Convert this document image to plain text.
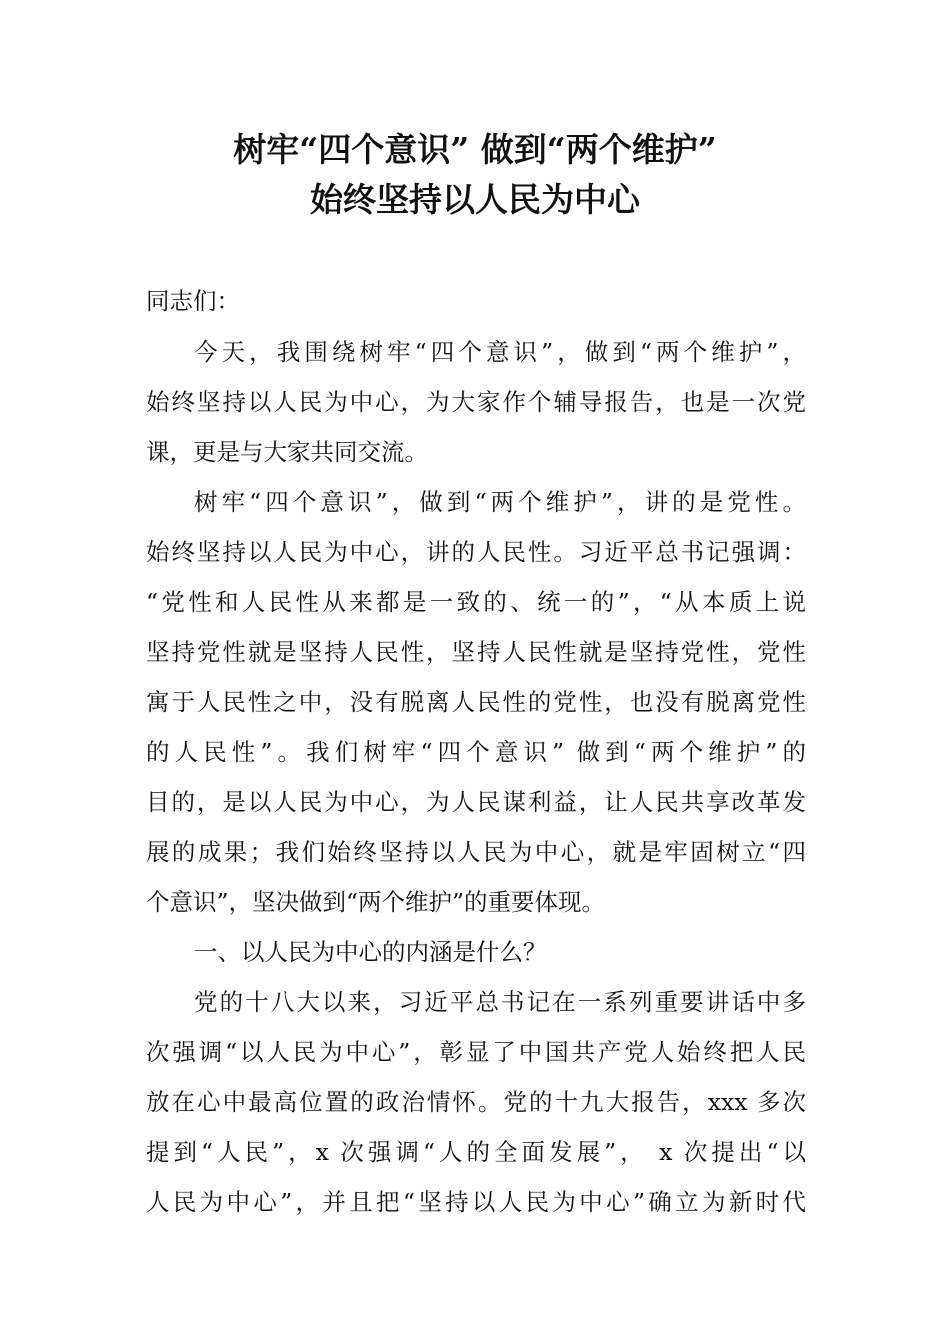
树牢“四个意识” 做到“两个维护”
始终坚持以人民为中心
同志们：
今天，我围绕树牢“四个意识”，做到“两个维护”，
始终坚持以人民为中心，为大家作个辅导报告，也是一次党
课，更是与大家共同交流。
树牢“四个意识”，做到“两个维护”，讲的是党性。
始终坚持以人民为中心，讲的人民性。习近平总书记强调：
“党性和人民性从来都是一致的、统一的”，“从本质上说
坚持党性就是坚持人民性，坚持人民性就是坚持党性，党性
寓于人民性之中，没有脱离人民性的党性，也没有脱离党性
的人民性”。我们树牢“四个意识” 做到“两个维护”的
目的，是以人民为中心，为人民谋利益，让人民共享改革发
展的成果；我们始终坚持以人民为中心，就是牢固树立“四
个意识”，坚决做到“两个维护”的重要体现。
一、以人民为中心的内涵是什么？
党的十八大以来，习近平总书记在一系列重要讲话中多
次强调“以人民为中心”，彰显了中国共产党人始终把人民
放在心中最高位置的政治情怀。党的十九大报告，xxx 多次
提到“人民”，x 次强调“人的全面发展”， x 次提出“以
人民为中心”，并且把“坚持以人民为中心”确立为新时代
